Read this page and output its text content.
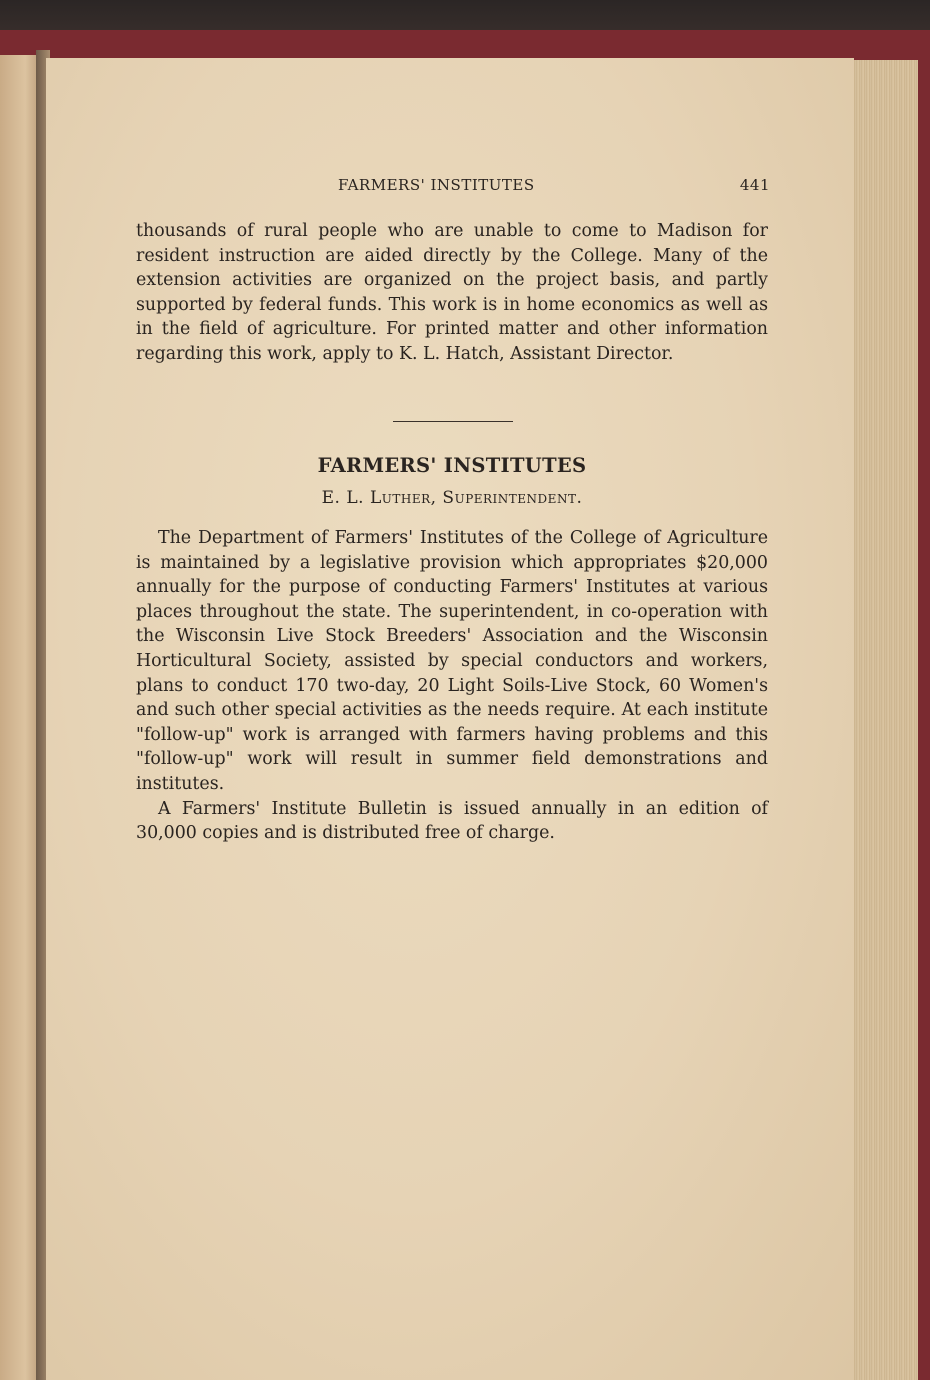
FARMERS' INSTITUTES	441

thousands of rural people who are unable to come to Madison for resident instruction are aided directly by the College. Many of the extension activities are organized on the project basis, and partly supported by federal funds. This work is in home economics as well as in the field of agriculture. For printed matter and other information regarding this work, apply to K. L. Hatch, Assistant Director.

FARMERS' INSTITUTES
E. L. Luther, Superintendent.

The Department of Farmers' Institutes of the College of Agriculture is maintained by a legislative provision which appropriates $20,000 annually for the purpose of conducting Farmers' Institutes at various places throughout the state. The superintendent, in co-operation with the Wisconsin Live Stock Breeders' Association and the Wisconsin Horticultural Society, assisted by special conductors and workers, plans to conduct 170 two-day, 20 Light Soils-Live Stock, 60 Women's and such other special activities as the needs require. At each institute "follow-up" work is arranged with farmers having problems and this "follow-up" work will result in summer field demonstrations and institutes.

A Farmers' Institute Bulletin is issued annually in an edition of 30,000 copies and is distributed free of charge.
